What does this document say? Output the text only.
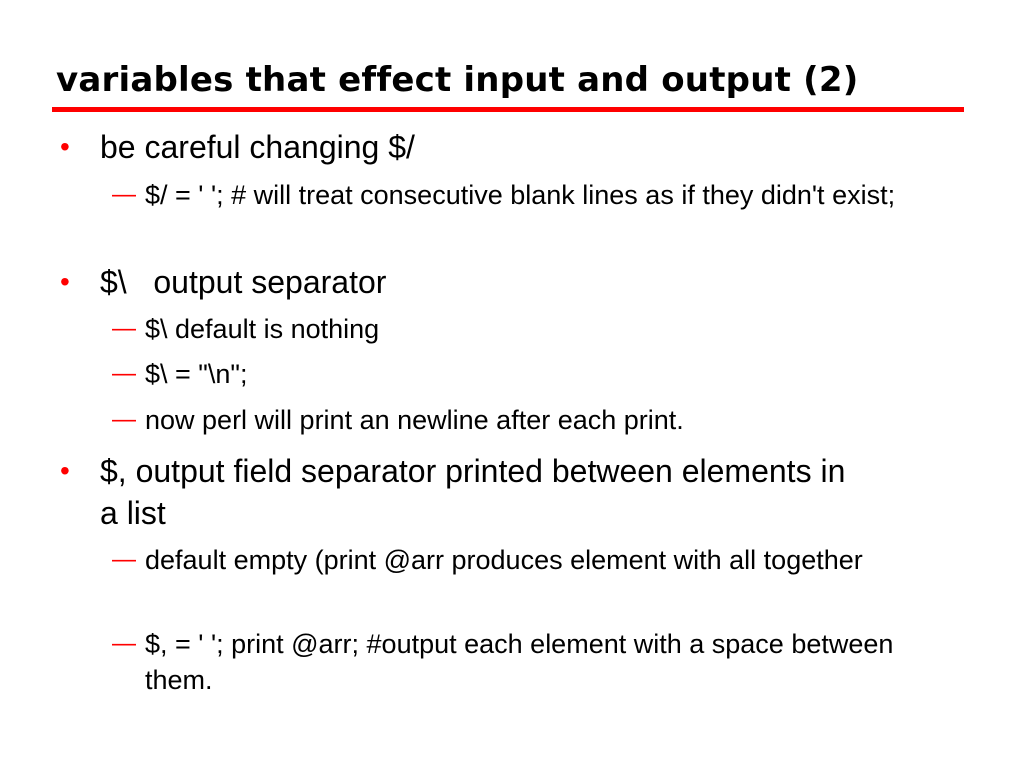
variables that effect input and output (2)
• be careful changing $/
— $/ = ' '; # will treat consecutive blank lines as if they didn't exist;
• $\   output separator
— $\ default is nothing
— $\ = "\n";
— now perl will print an newline after each print.
• $, output field separator printed between elements in a list
— default empty (print @arr produces element with all together
— $, = ' '; print @arr; #output each element with a space between them.
